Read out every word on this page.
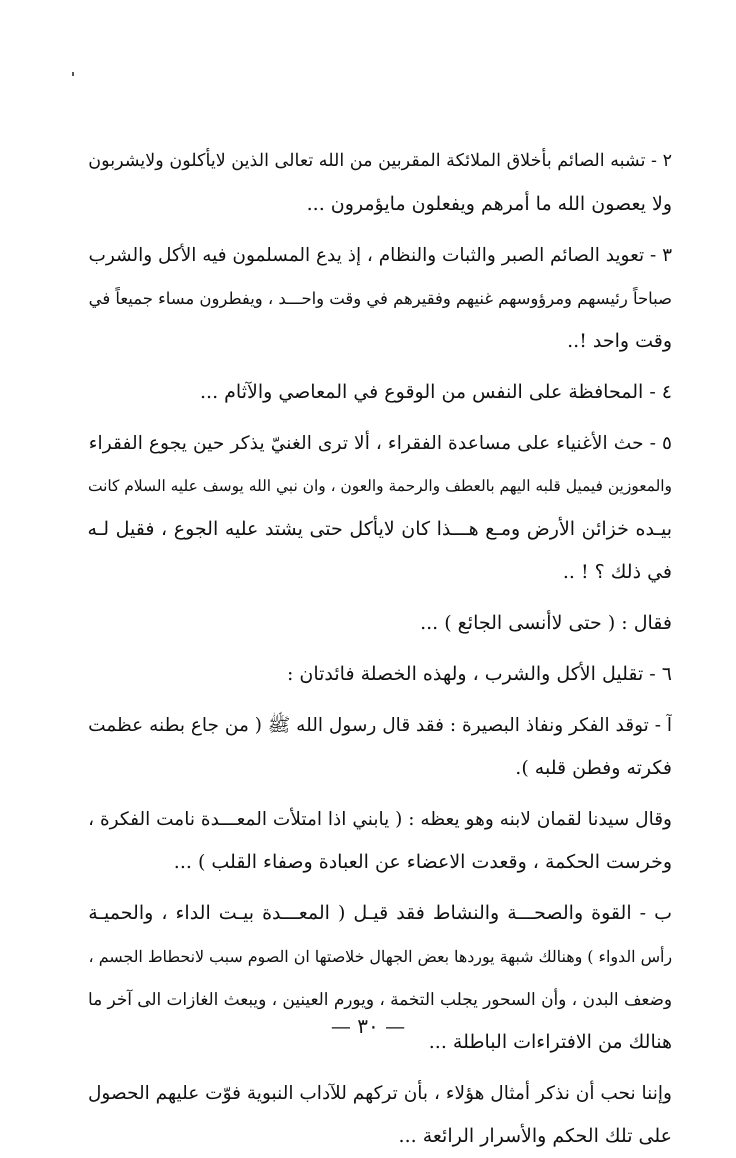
٢ - تشبه الصائم بأخلاق الملائكة المقربين من الله تعالى الذين لايأكلون ولايشربون
ولا يعصون الله ما أمرهم ويفعلون مايؤمرون ...
٣ - تعويد الصائم الصبر والثبات والنظام ، إذ يدع المسلمون فيه الأكل والشرب
صباحاً رئيسهم ومرؤوسهم غنيهم وفقيرهم في وقت واحـــد ، ويفطرون مساء جميعاً في
وقت واحد !..
٤ - المحافظة على النفس من الوقوع في المعاصي والآثام ...
٥ - حث الأغنياء على مساعدة الفقراء ، ألا ترى الغنيّ يذكر حين يجوع الفقراء
والمعوزين فيميل قلبه اليهم بالعطف والرحمة والعون ، وان نبي الله يوسف عليه السلام كانت
بيـده خزائن الأرض ومـع هـــذا كان لايأكل حتى يشتد عليه الجوع ، فقيل لـه
في ذلك ؟ ! ..
فقال : ( حتى لاأنسى الجائع ) ...
٦ - تقليل الأكل والشرب ، ولهذه الخصلة فائدتان :
آ - توقد الفكر ونفاذ البصيرة : فقد قال رسول الله ﷺ ( من جاع بطنه عظمت
فكرته وفطن قلبه ).
وقال سيدنا لقمان لابنه وهو يعظه : ( يابني اذا امتلأت المعـــدة نامت الفكرة ،
وخرست الحكمة ، وقعدت الاعضاء عن العبادة وصفاء القلب ) ...
ب - القوة والصحـــة والنشاط فقد قيـل ( المعـــدة بيـت الداء ، والحميـة
رأس الدواء ) وهنالك شبهة يوردها بعض الجهال خلاصتها ان الصوم سبب لانحطاط الجسم ،
وضعف البدن ، وأن السحور يجلب التخمة ، ويورم العينين ، ويبعث الغازات الى آخر ما
هنالك من الافتراءات الباطلة ...
وإننا نحب أن نذكر أمثال هؤلاء ، بأن تركهم للآداب النبوية فوّت عليهم الحصول
على تلك الحكم والأسرار الرائعة ...
— ٣٠ —
